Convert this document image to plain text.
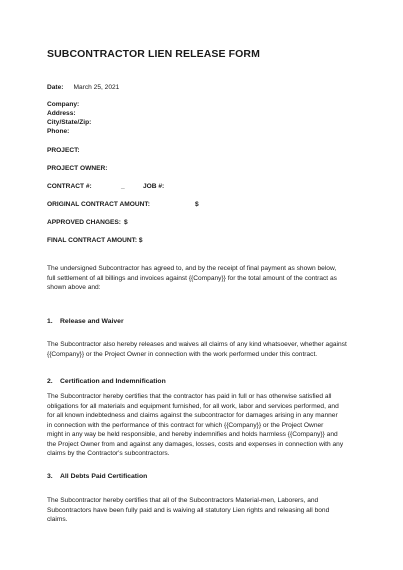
SUBCONTRACTOR LIEN RELEASE FORM
Date: March 25, 2021
Company:
Address:
City/State/Zip:
Phone:
PROJECT:
PROJECT OWNER:
CONTRACT #:	_	JOB #:
ORIGINAL CONTRACT AMOUNT:	$
APPROVED CHANGES: $
FINAL CONTRACT AMOUNT: $
The undersigned Subcontractor has agreed to, and by the receipt of final payment as shown below,
full settlement of all billings and invoices against {{Company}} for the total amount of the contract as
shown above and:
1. Release and Waiver
The Subcontractor also hereby releases and waives all claims of any kind whatsoever, whether against
{{Company}} or the Project Owner in connection with the work performed under this contract.
2. Certification and Indemnification
The Subcontractor hereby certifies that the contractor has paid in full or has otherwise satisfied all
obligations for all materials and equipment furnished, for all work, labor and services performed, and
for all known indebtedness and claims against the subcontractor for damages arising in any manner
in connection with the performance of this contract for which {{Company}} or the Project Owner
might in any way be held responsible, and hereby indemnifies and holds harmless {{Company}} and
the Project Owner from and against any damages, losses, costs and expenses in connection with any
claims by the Contractor's subcontractors.
3. All Debts Paid Certification
The Subcontractor hereby certifies that all of the Subcontractors Material-men, Laborers, and
Subcontractors have been fully paid and is waiving all statutory Lien rights and releasing all bond
claims.
